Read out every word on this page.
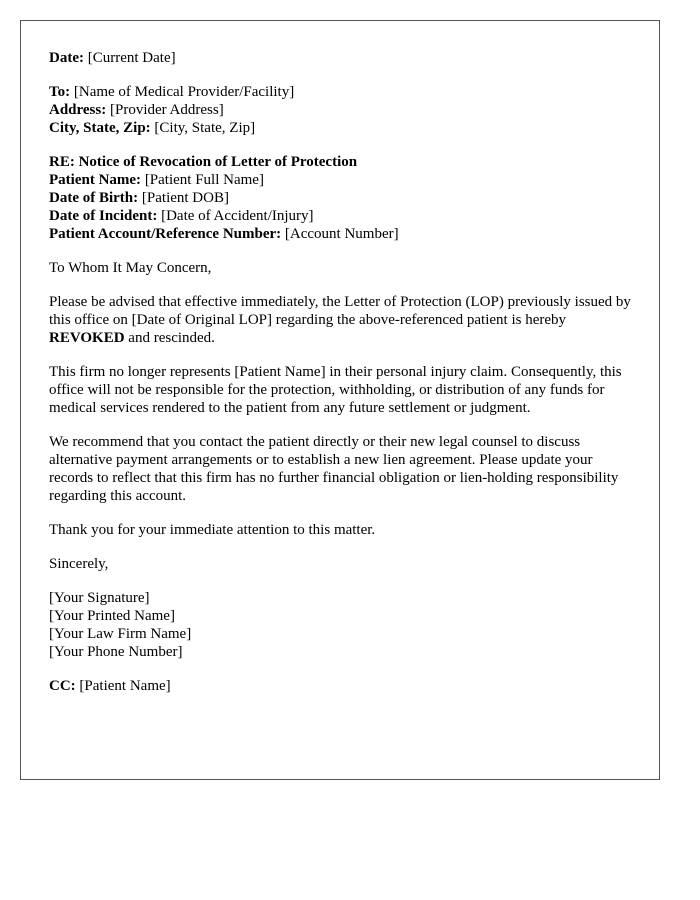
Date: [Current Date]

To: [Name of Medical Provider/Facility]

Address: [Provider Address]

City, State, Zip: [City, State, Zip]

RE: Notice of Revocation of Letter of Protection

Patient Name: [Patient Full Name]

Date of Birth: [Patient DOB]

Date of Incident: [Date of Accident/Injury]

Patient Account/Reference Number: [Account Number]

To Whom It May Concern,

Please be advised that effective immediately, the Letter of Protection (LOP) previously issued by this office on [Date of Original LOP] regarding the above-referenced patient is hereby REVOKED and rescinded.

This firm no longer represents [Patient Name] in their personal injury claim. Consequently, this office will not be responsible for the protection, withholding, or distribution of any funds for medical services rendered to the patient from any future settlement or judgment.

We recommend that you contact the patient directly or their new legal counsel to discuss alternative payment arrangements or to establish a new lien agreement. Please update your records to reflect that this firm has no further financial obligation or lien-holding responsibility regarding this account.

Thank you for your immediate attention to this matter.

Sincerely,

[Your Signature]

[Your Printed Name]

[Your Law Firm Name]

[Your Phone Number]

CC: [Patient Name]
